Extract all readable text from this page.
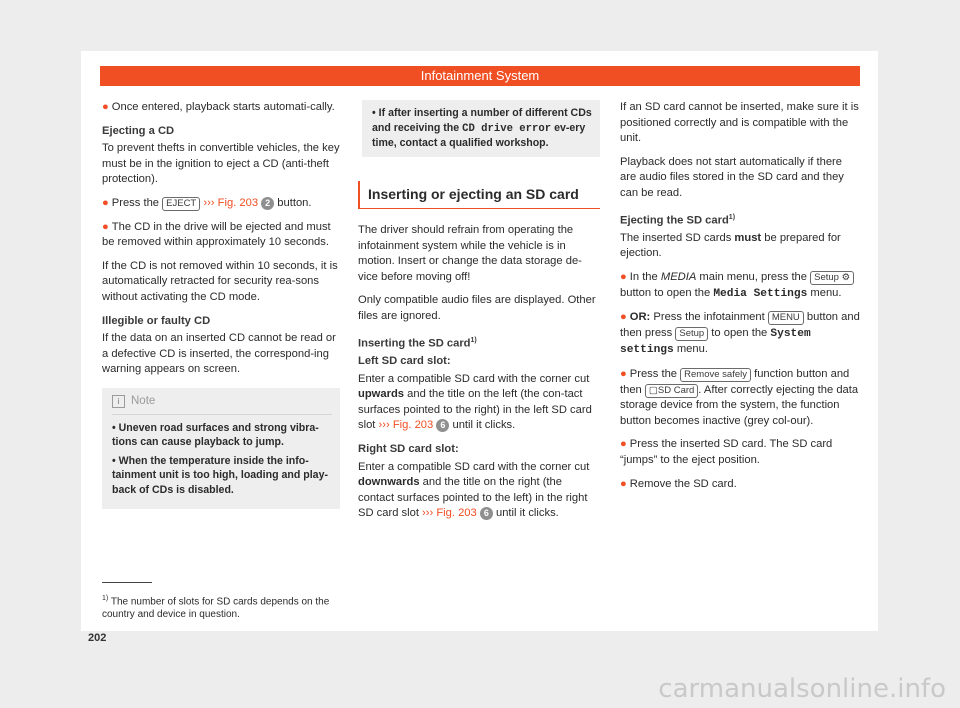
Infotainment System

● Once entered, playback starts automati-cally.

Ejecting a CD

To prevent thefts in convertible vehicles, the key must be in the ignition to eject a CD (anti-theft protection).

● Press the EJECT ››› Fig. 203 2 button.

● The CD in the drive will be ejected and must be removed within approximately 10 seconds.

If the CD is not removed within 10 seconds, it is automatically retracted for security rea-sons without activating the CD mode.

Illegible or faulty CD

If the data on an inserted CD cannot be read or a defective CD is inserted, the correspond-ing warning appears on screen.

i Note
• Uneven road surfaces and strong vibra-tions can cause playback to jump.
• When the temperature inside the info-tainment unit is too high, loading and play-back of CDs is disabled.
• If after inserting a number of different CDs and receiving the CD drive error ev-ery time, contact a qualified workshop.
Inserting or ejecting an SD card

The driver should refrain from operating the infotainment system while the vehicle is in motion. Insert or change the data storage de-vice before moving off!

Only compatible audio files are displayed. Other files are ignored.

Inserting the SD card$^{1)}$
Left SD card slot:

Enter a compatible SD card with the corner cut upwards and the title on the left (the con-tact surfaces pointed to the right) in the left SD card slot ››› Fig. 203 6 until it clicks.

Right SD card slot:

Enter a compatible SD card with the corner cut downwards and the title on the right (the contact surfaces pointed to the left) in the right SD card slot ››› Fig. 203 6 until it clicks.

If an SD card cannot be inserted, make sure it is positioned correctly and is compatible with the unit.

Playback does not start automatically if there are audio files stored in the SD card and they can be read.

Ejecting the SD card$^{1)}$

The inserted SD cards must be prepared for ejection.

● In the MEDIA main menu, press the Setup ⚙ button to open the Media Settings menu.

● OR: Press the infotainment MENU button and then press Setup to open the System settings menu.

● Press the Remove safely function button and then ▢SD Card . After correctly ejecting the data storage device from the system, the function button becomes inactive (grey col-our).

● Press the inserted SD card. The SD card “jumps” to the eject position.

● Remove the SD card.

$^{1)}$ The number of slots for SD cards depends on the country and device in question.
202
carmanualsonline.info
